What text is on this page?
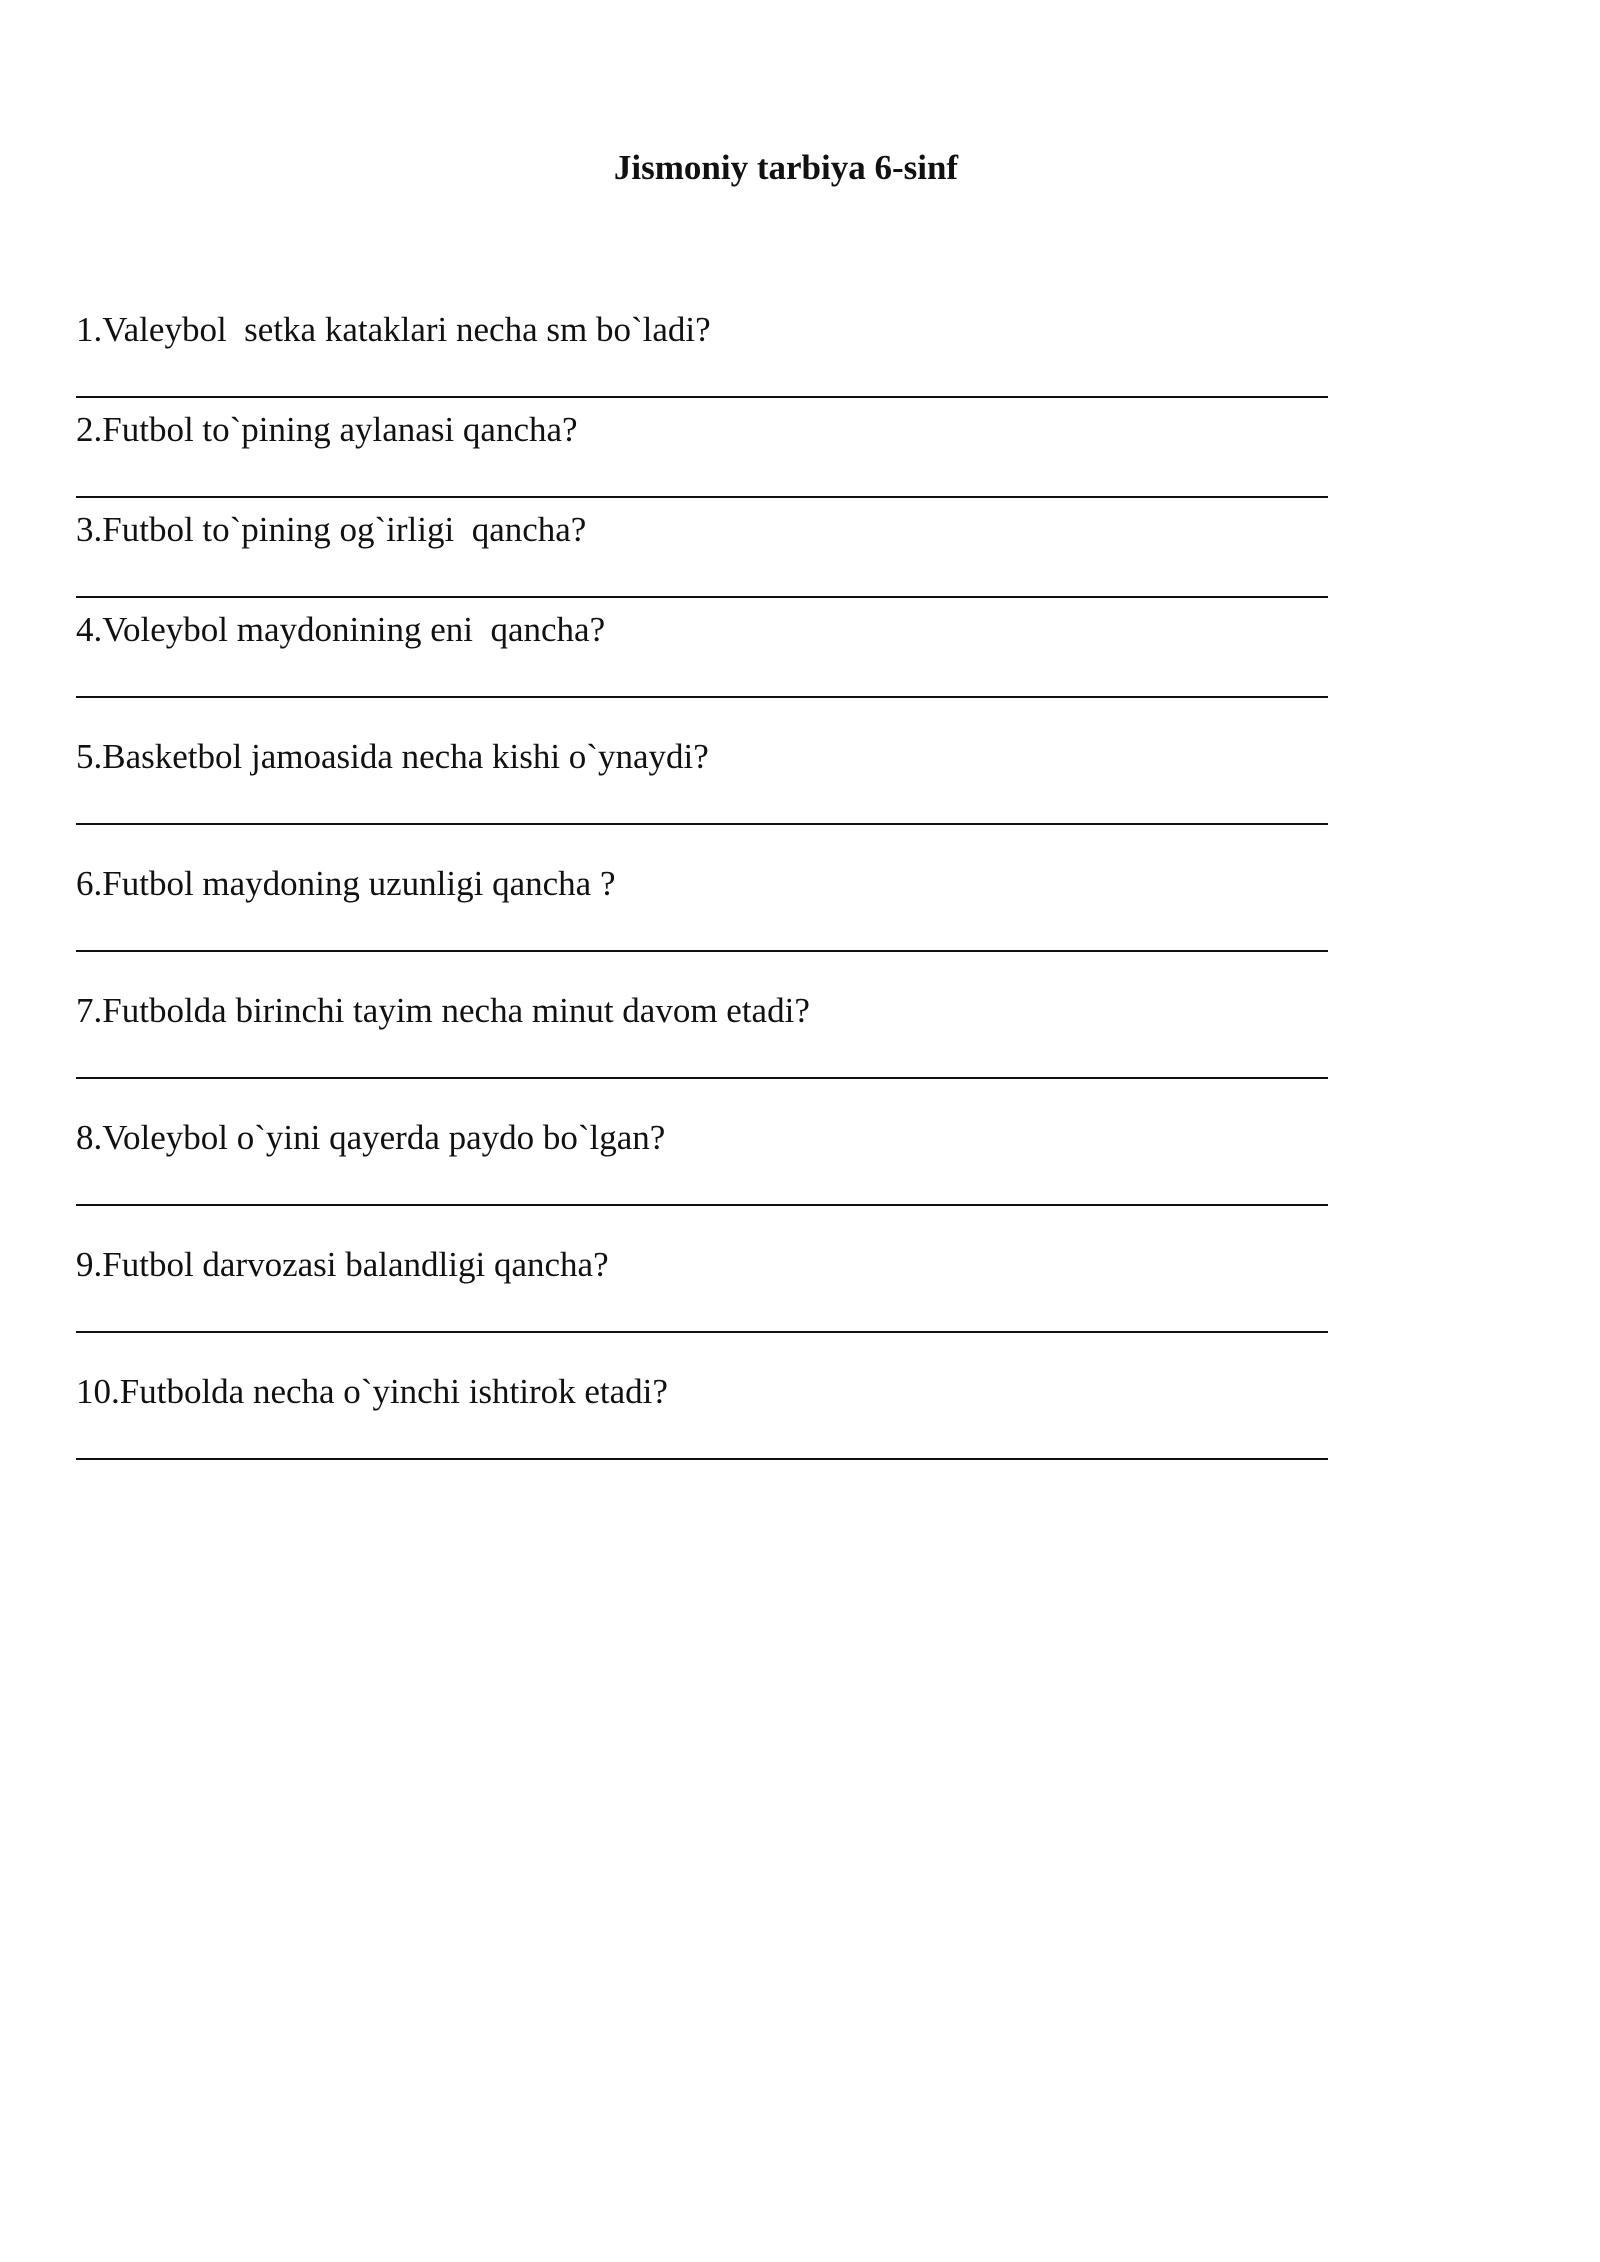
Jismoniy tarbiya 6-sinf
1.Valeybol  setka kataklari necha sm bo`ladi?
2.Futbol to`pining aylanasi qancha?
3.Futbol to`pining og`irligi  qancha?
4.Voleybol maydonining eni  qancha?
5.Basketbol jamoasida necha kishi o`ynaydi?
6.Futbol maydoning uzunligi qancha ?
7.Futbolda birinchi tayim necha minut davom etadi?
8.Voleybol o`yini qayerda paydo bo`lgan?
9.Futbol darvozasi balandligi qancha?
10.Futbolda necha o`yinchi ishtirok etadi?
